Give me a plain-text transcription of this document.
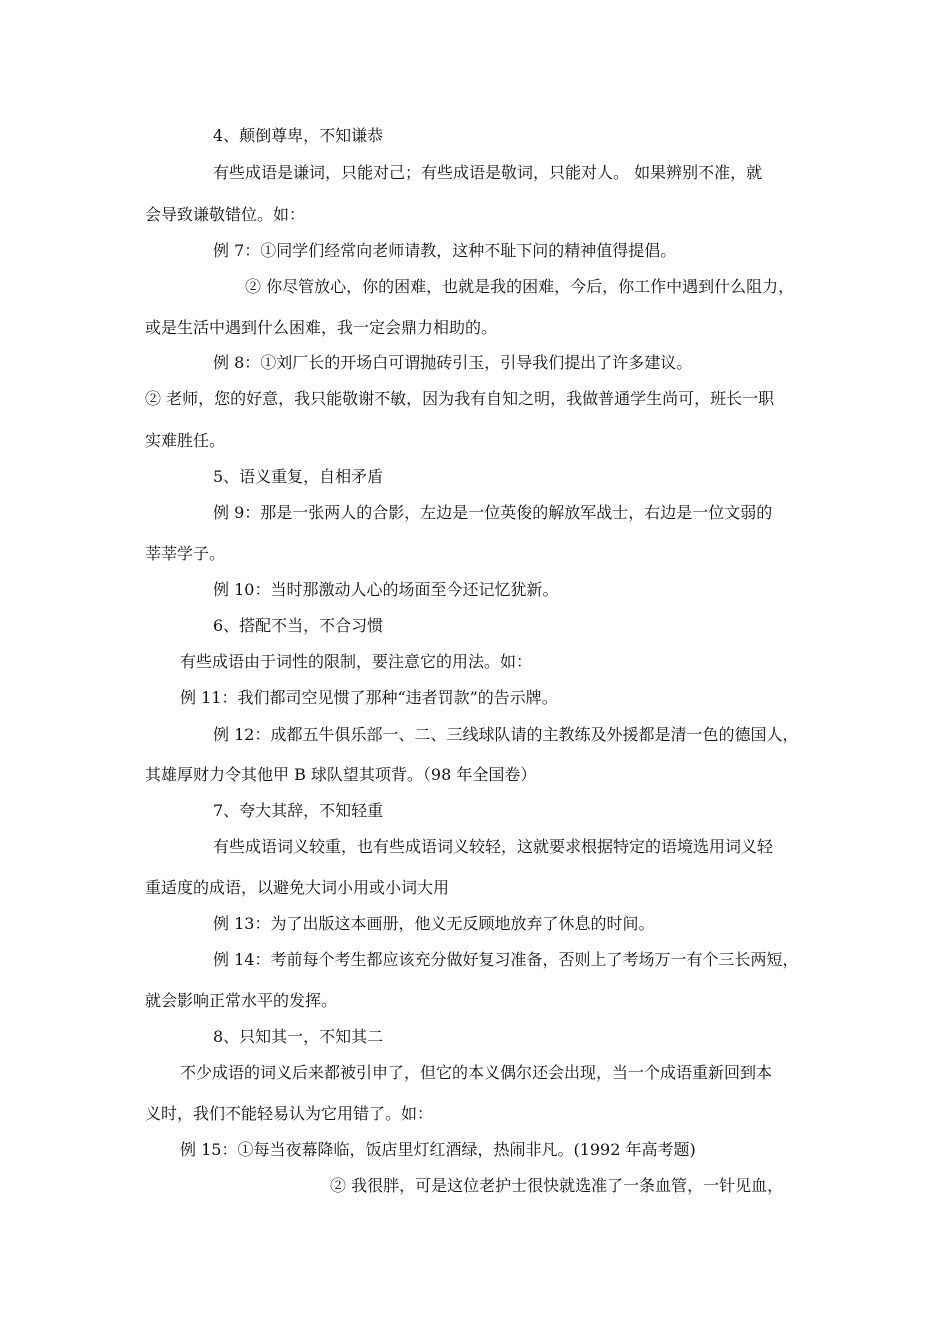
4、颠倒尊卑，不知谦恭
有些成语是谦词，只能对己；有些成语是敬词，只能对人。 如果辨别不准，就
会导致谦敬错位。如：
例 7：①同学们经常向老师请教，这种不耻下问的精神值得提倡。
② 你尽管放心，你的困难，也就是我的困难，今后，你工作中遇到什么阻力，
或是生活中遇到什么困难，我一定会鼎力相助的。
例 8：①刘厂长的开场白可谓抛砖引玉，引导我们提出了许多建议。
② 老师，您的好意，我只能敬谢不敏，因为我有自知之明，我做普通学生尚可，班长一职
实难胜任。
5、语义重复，自相矛盾
例 9：那是一张两人的合影，左边是一位英俊的解放军战士，右边是一位文弱的
莘莘学子。
例 10：当时那激动人心的场面至今还记忆犹新。
6、搭配不当，不合习惯
有些成语由于词性的限制，要注意它的用法。如：
例 11：我们都司空见惯了那种“违者罚款”的告示牌。
例 12：成都五牛俱乐部一、二、三线球队请的主教练及外援都是清一色的德国人，
其雄厚财力令其他甲 B 球队望其项背。（98 年全国卷）
7、夸大其辞，不知轻重
有些成语词义较重，也有些成语词义较轻，这就要求根据特定的语境选用词义轻
重适度的成语，以避免大词小用或小词大用
例 13：为了出版这本画册，他义无反顾地放弃了休息的时间。
例 14：考前每个考生都应该充分做好复习准备，否则上了考场万一有个三长两短，
就会影响正常水平的发挥。
8、只知其一，不知其二
不少成语的词义后来都被引申了，但它的本义偶尔还会出现，当一个成语重新回到本
义时，我们不能轻易认为它用错了。如：
例 15：①每当夜幕降临，饭店里灯红酒绿，热闹非凡。(1992 年高考题)
② 我很胖，可是这位老护士很快就选准了一条血管，一针见血，
